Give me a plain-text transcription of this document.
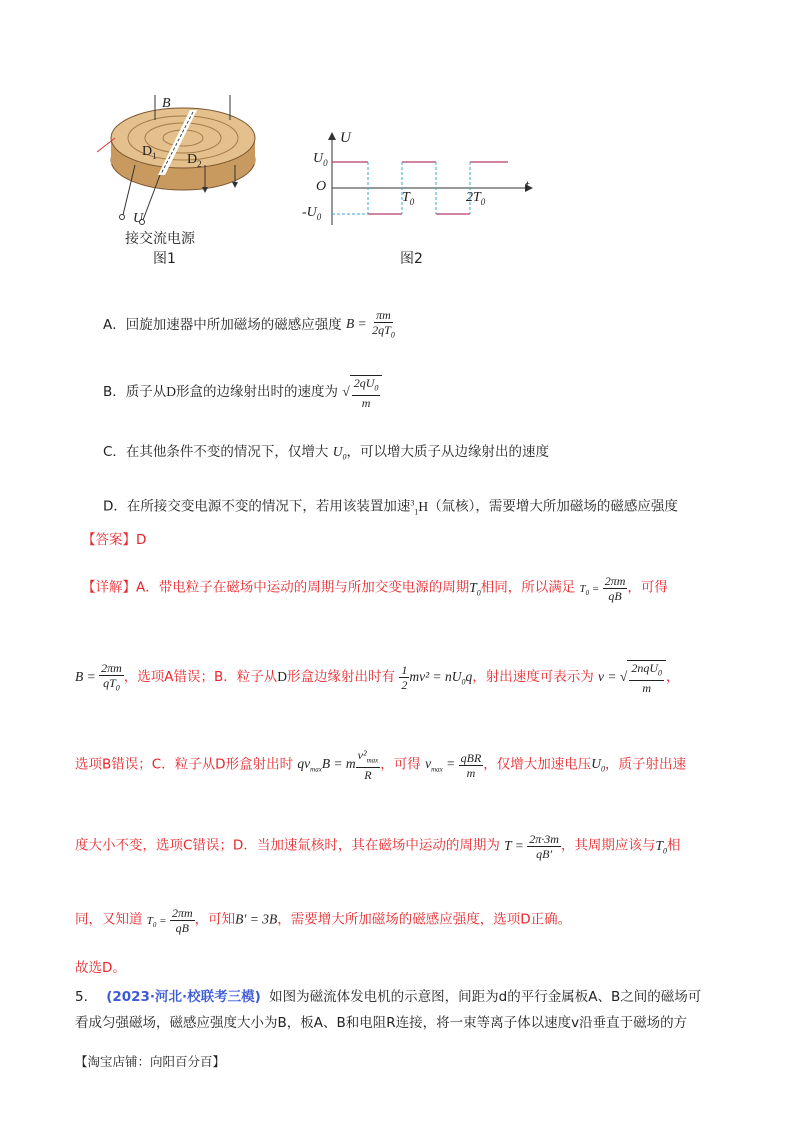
B
$D_1$ $D_2$
U
接交流电源
图1
U
t
$U_0$
$-U_0$
O
$T_0$	$2T_0$
图2
A．回旋加速器中所加磁场的磁感应强度 $B = \frac{\pi m}{2qT_0}$
B．质子从D形盒的边缘射出时的速度为 √ $\frac{2qU_0}{m}$
C．在其他条件不变的情况下，仅增大 $U_0$，可以增大质子从边缘射出的速度
D．在所接交变电源不变的情况下，若用该装置加速$^3_1$H（氚核），需要增大所加磁场的磁感应强度
【答案】D
【详解】A．带电粒子在磁场中运动的周期与所加交变电源的周期$T_0$相同，所以满足 $T_0 = \frac{2\pi m}{qB}$ ，可得
$B = \frac{2\pi m}{qT_0}$ ，选项A错误；B．粒子从D形盒边缘射出时有 $\frac{1}{2} mv^2 = nU_0q$，射出速度可表示为 v = √ $\frac{2nqU_0}{m}$ ，
选项B错误；C．粒子从D形盒射出时 $qv_{max}B = m \frac{v^2_{max}}{R}$ ，可得 $v_{max} = \frac{\text{qBR}}{m}$ ，仅增大加速电压$U_0$，质子射出速
度大小不变，选项C错误；D．当加速氚核时，其在磁场中运动的周期为 $T = \frac{2\pi\cdot 3m}{qB'}$ ，其周期应该与$T_0$相
同，又知道 $T_0 = \frac{2\pi m}{qB}$ ，可知B′ = 3B，需要增大所加磁场的磁感应强度，选项D正确。
故选D。
5. (2023·河北·校联考三模) 如图为磁流体发电机的示意图，间距为d的平行金属板A、B之间的磁场可
看成匀强磁场，磁感应强度大小为B，板A、B和电阻R连接，将一束等离子体以速度v沿垂直于磁场的方
【淘宝店铺：向阳百分百】
